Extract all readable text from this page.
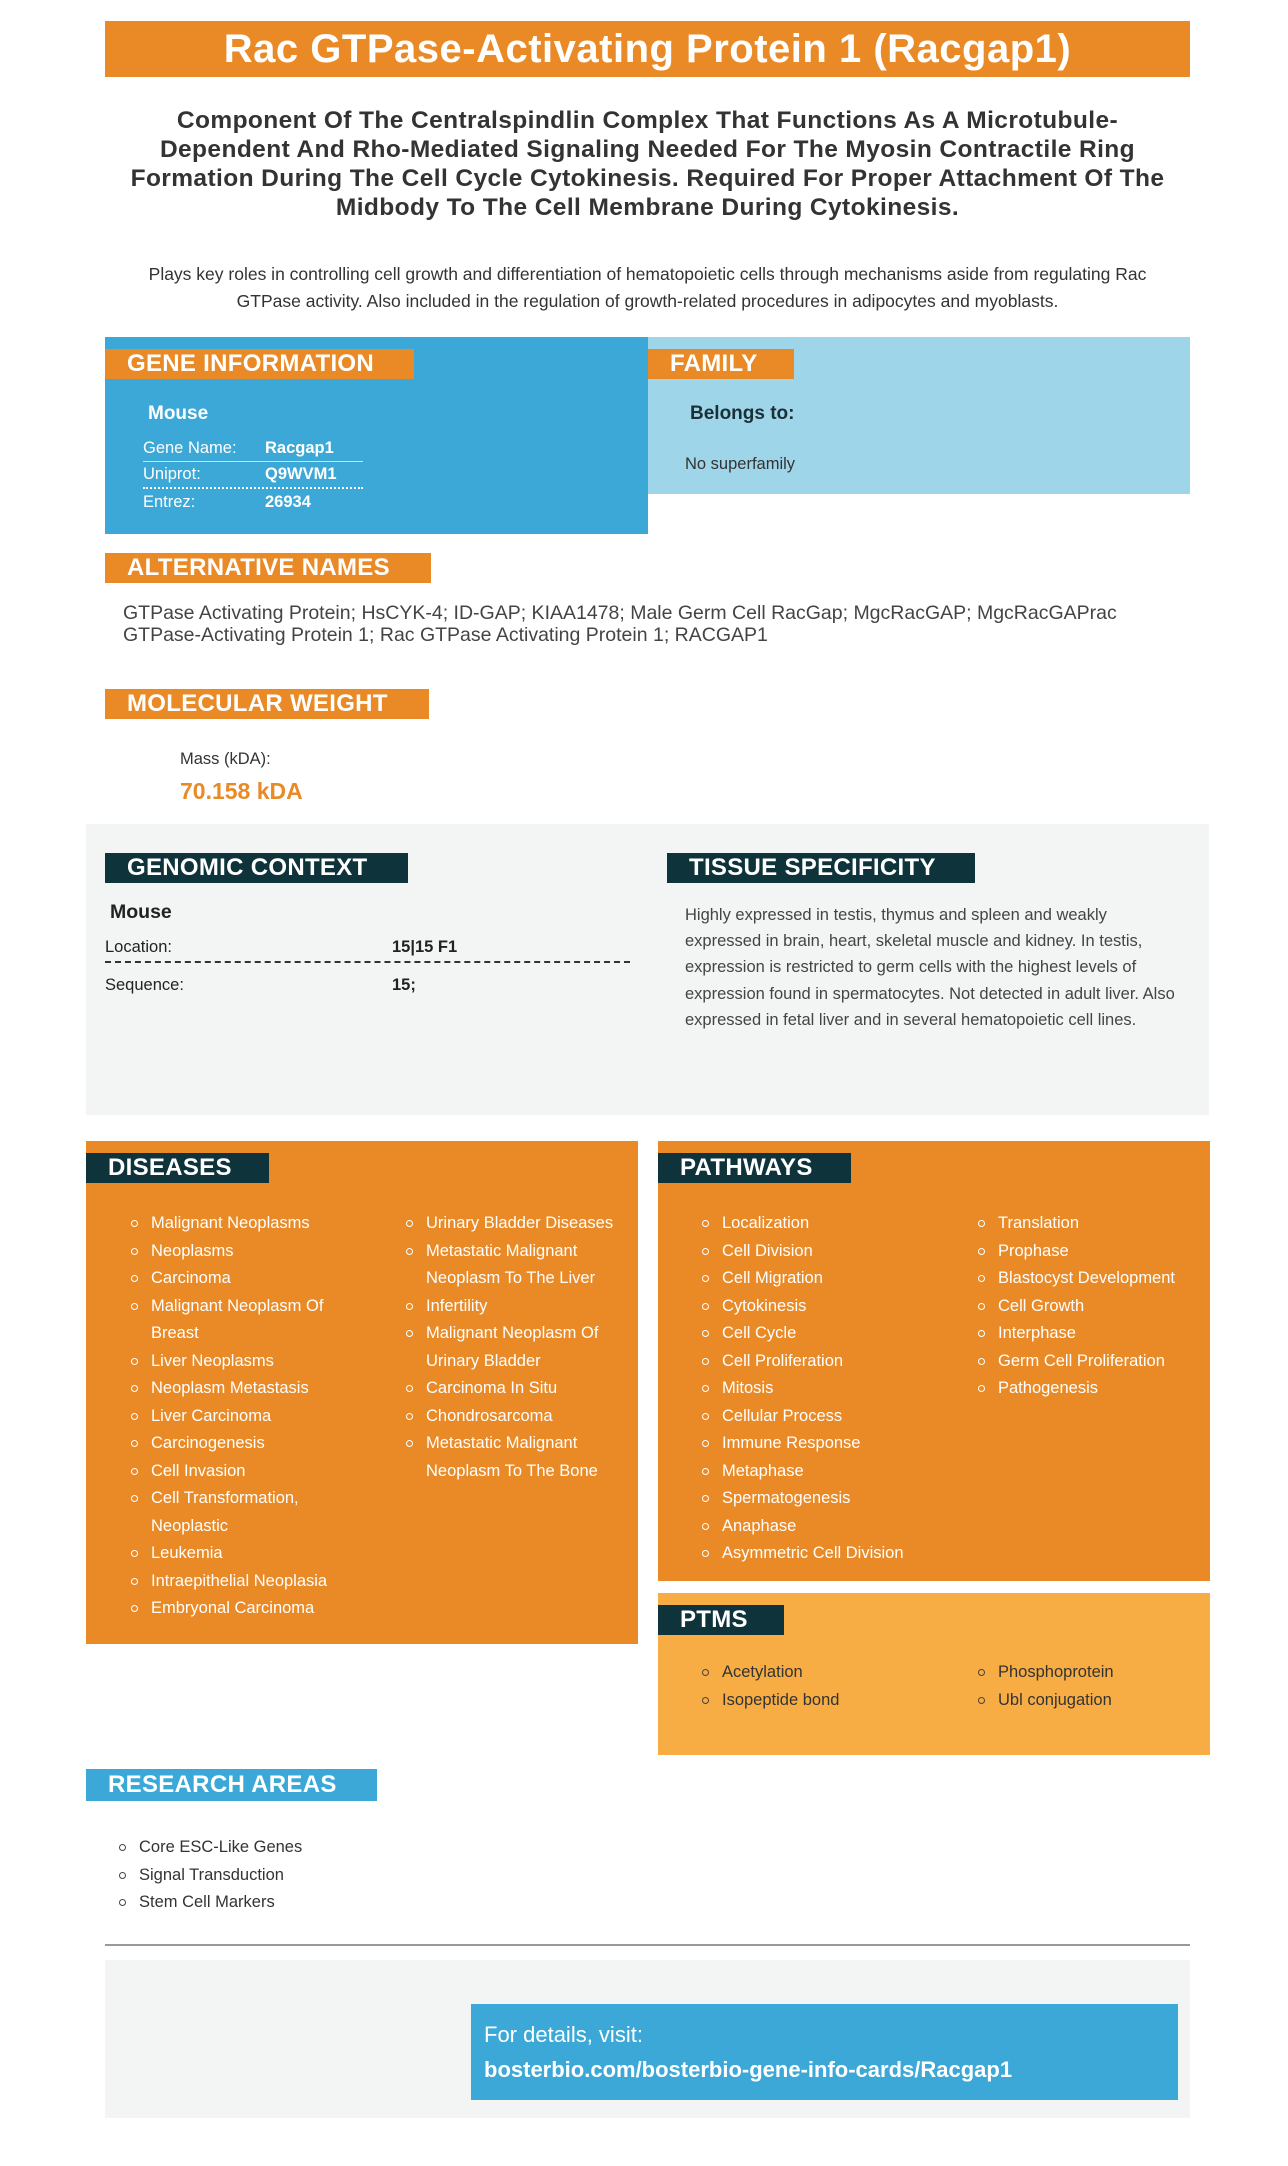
Rac GTPase-Activating Protein 1 (Racgap1)
Component Of The Centralspindlin Complex That Functions As A Microtubule-Dependent And Rho-Mediated Signaling Needed For The Myosin Contractile Ring Formation During The Cell Cycle Cytokinesis. Required For Proper Attachment Of The Midbody To The Cell Membrane During Cytokinesis.
Plays key roles in controlling cell growth and differentiation of hematopoietic cells through mechanisms aside from regulating Rac GTPase activity. Also included in the regulation of growth-related procedures in adipocytes and myoblasts.
GENE INFORMATION
Mouse
Gene Name:	Racgap1
Uniprot:	Q9WVM1
Entrez:	26934
FAMILY
Belongs to:
No superfamily
ALTERNATIVE NAMES
GTPase Activating Protein; HsCYK-4; ID-GAP; KIAA1478; Male Germ Cell RacGap; MgcRacGAP; MgcRacGAPrac GTPase-Activating Protein 1; Rac GTPase Activating Protein 1; RACGAP1
MOLECULAR WEIGHT
Mass (kDA):
70.158 kDA
GENOMIC CONTEXT
Mouse
Location:	15|15 F1
Sequence:	15;
TISSUE SPECIFICITY
Highly expressed in testis, thymus and spleen and weakly expressed in brain, heart, skeletal muscle and kidney. In testis, expression is restricted to germ cells with the highest levels of expression found in spermatocytes. Not detected in adult liver. Also expressed in fetal liver and in several hematopoietic cell lines.
DISEASES
Malignant Neoplasms
Neoplasms
Carcinoma
Malignant Neoplasm Of Breast
Liver Neoplasms
Neoplasm Metastasis
Liver Carcinoma
Carcinogenesis
Cell Invasion
Cell Transformation, Neoplastic
Leukemia
Intraepithelial Neoplasia
Embryonal Carcinoma
Urinary Bladder Diseases
Metastatic Malignant Neoplasm To The Liver
Infertility
Malignant Neoplasm Of Urinary Bladder
Carcinoma In Situ
Chondrosarcoma
Metastatic Malignant Neoplasm To The Bone
PATHWAYS
Localization
Cell Division
Cell Migration
Cytokinesis
Cell Cycle
Cell Proliferation
Mitosis
Cellular Process
Immune Response
Metaphase
Spermatogenesis
Anaphase
Asymmetric Cell Division
Translation
Prophase
Blastocyst Development
Cell Growth
Interphase
Germ Cell Proliferation
Pathogenesis
PTMS
Acetylation
Isopeptide bond
Phosphoprotein
Ubl conjugation
RESEARCH AREAS
Core ESC-Like Genes
Signal Transduction
Stem Cell Markers
For details, visit:
bosterbio.com/bosterbio-gene-info-cards/Racgap1
